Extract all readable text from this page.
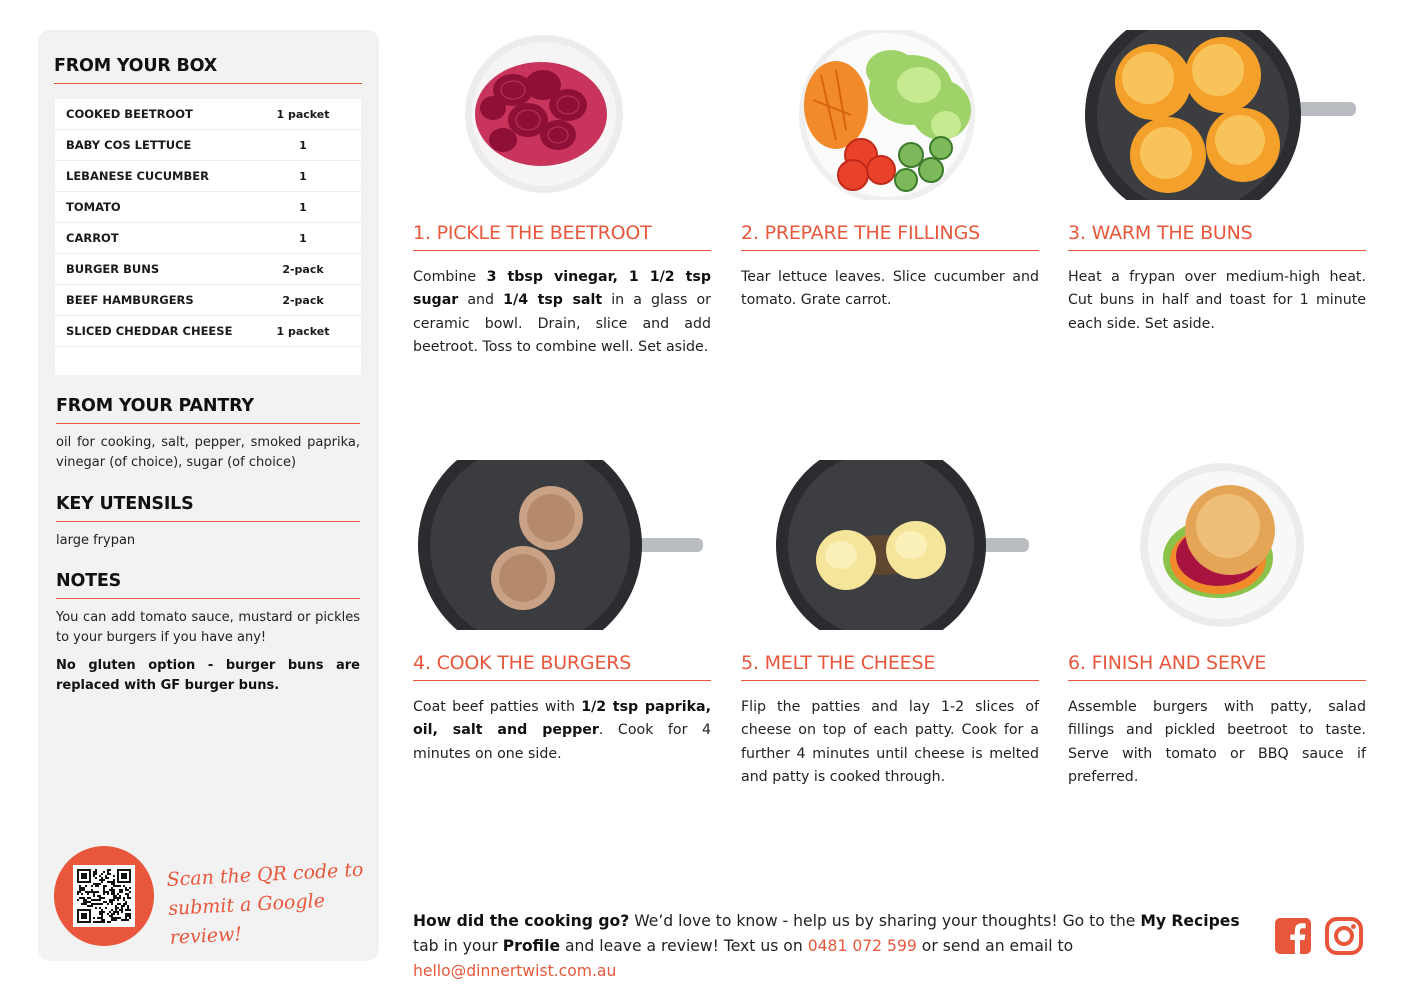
FROM YOUR BOX
COOKED BEETROOT	1 packet
BABY COS LETTUCE	1
LEBANESE CUCUMBER	1
TOMATO	1
CARROT	1
BURGER BUNS	2-pack
BEEF HAMBURGERS	2-pack
SLICED CHEDDAR CHEESE	1 packet
FROM YOUR PANTRY

oil for cooking, salt, pepper, smoked paprika, vinegar (of choice), sugar (of choice)

KEY UTENSILS

large frypan

NOTES

You can add tomato sauce, mustard or pickles to your burgers if you have any!

No gluten option - burger buns are replaced with GF burger buns.

Scan the QR code to
submit a Google review!
1. PICKLE THE BEETROOT
Combine 3 tbsp vinegar, 1 1/2 tsp sugar and 1/4 tsp salt in a glass or ceramic bowl. Drain, slice and add beetroot. Toss to combine well. Set aside.
2. PREPARE THE FILLINGS
Tear lettuce leaves. Slice cucumber and tomato. Grate carrot.
3. WARM THE BUNS
Heat a frypan over medium-high heat. Cut buns in half and toast for 1 minute each side. Set aside.
4. COOK THE BURGERS
Coat beef patties with 1/2 tsp paprika, oil, salt and pepper. Cook for 4 minutes on one side.
5. MELT THE CHEESE
Flip the patties and lay 1-2 slices of cheese on top of each patty. Cook for a further 4 minutes until cheese is melted and patty is cooked through.
6. FINISH AND SERVE
Assemble burgers with patty, salad fillings and pickled beetroot to taste. Serve with tomato or BBQ sauce if preferred.
How did the cooking go? We’d love to know - help us by sharing your thoughts! Go to the My Recipes tab in your Profile and leave a review! Text us on 0481 072 599 or send an email to hello@dinnertwist.com.au
